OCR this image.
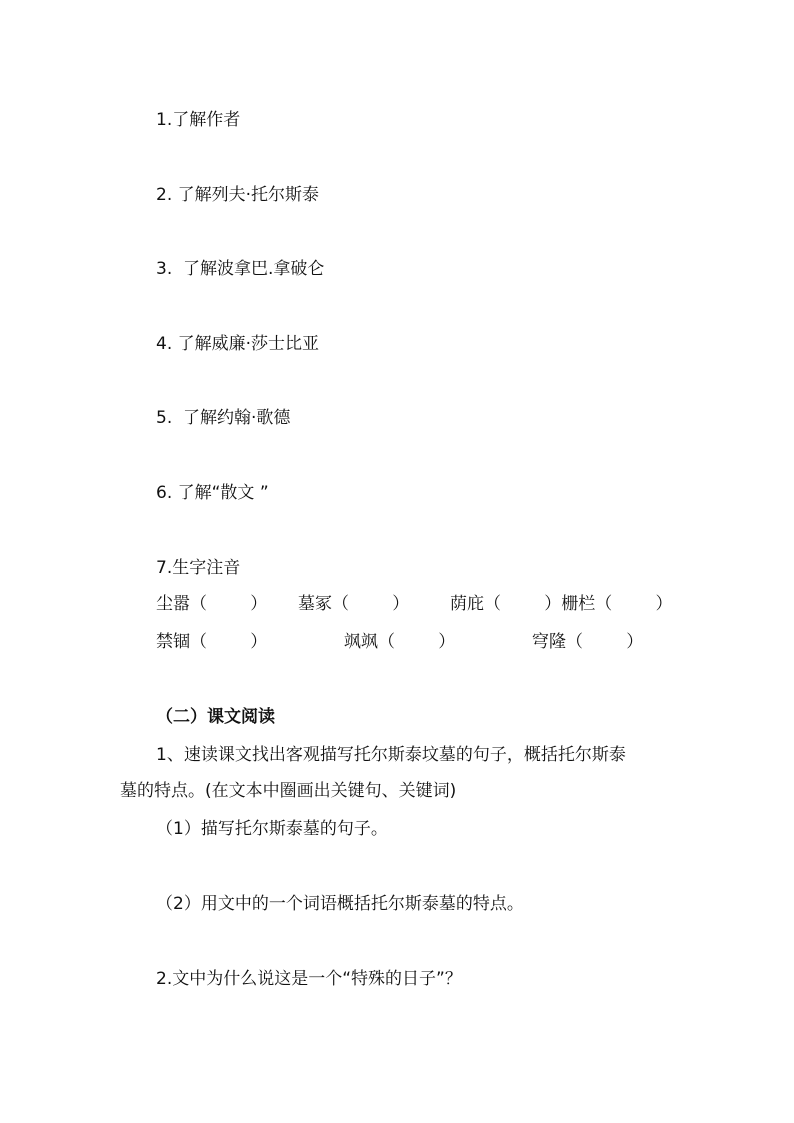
1.了解作者
2. 了解列夫·托尔斯泰
3.  了解波拿巴.拿破仑
4. 了解威廉·莎士比亚
5.  了解约翰·歌德
6. 了解“散文 ”
7.生字注音
尘嚣（        ） 墓冢（        ） 荫庇（        ）栅栏（        ）
禁锢（        ）	飒飒（        ）	穹隆（        ）
（二）课文阅读
1、速读课文找出客观描写托尔斯泰坟墓的句子，概括托尔斯泰
墓的特点。(在文本中圈画出关键句、关键词)
（1）描写托尔斯泰墓的句子。
（2）用文中的一个词语概括托尔斯泰墓的特点。
2.文中为什么说这是一个“特殊的日子”？
